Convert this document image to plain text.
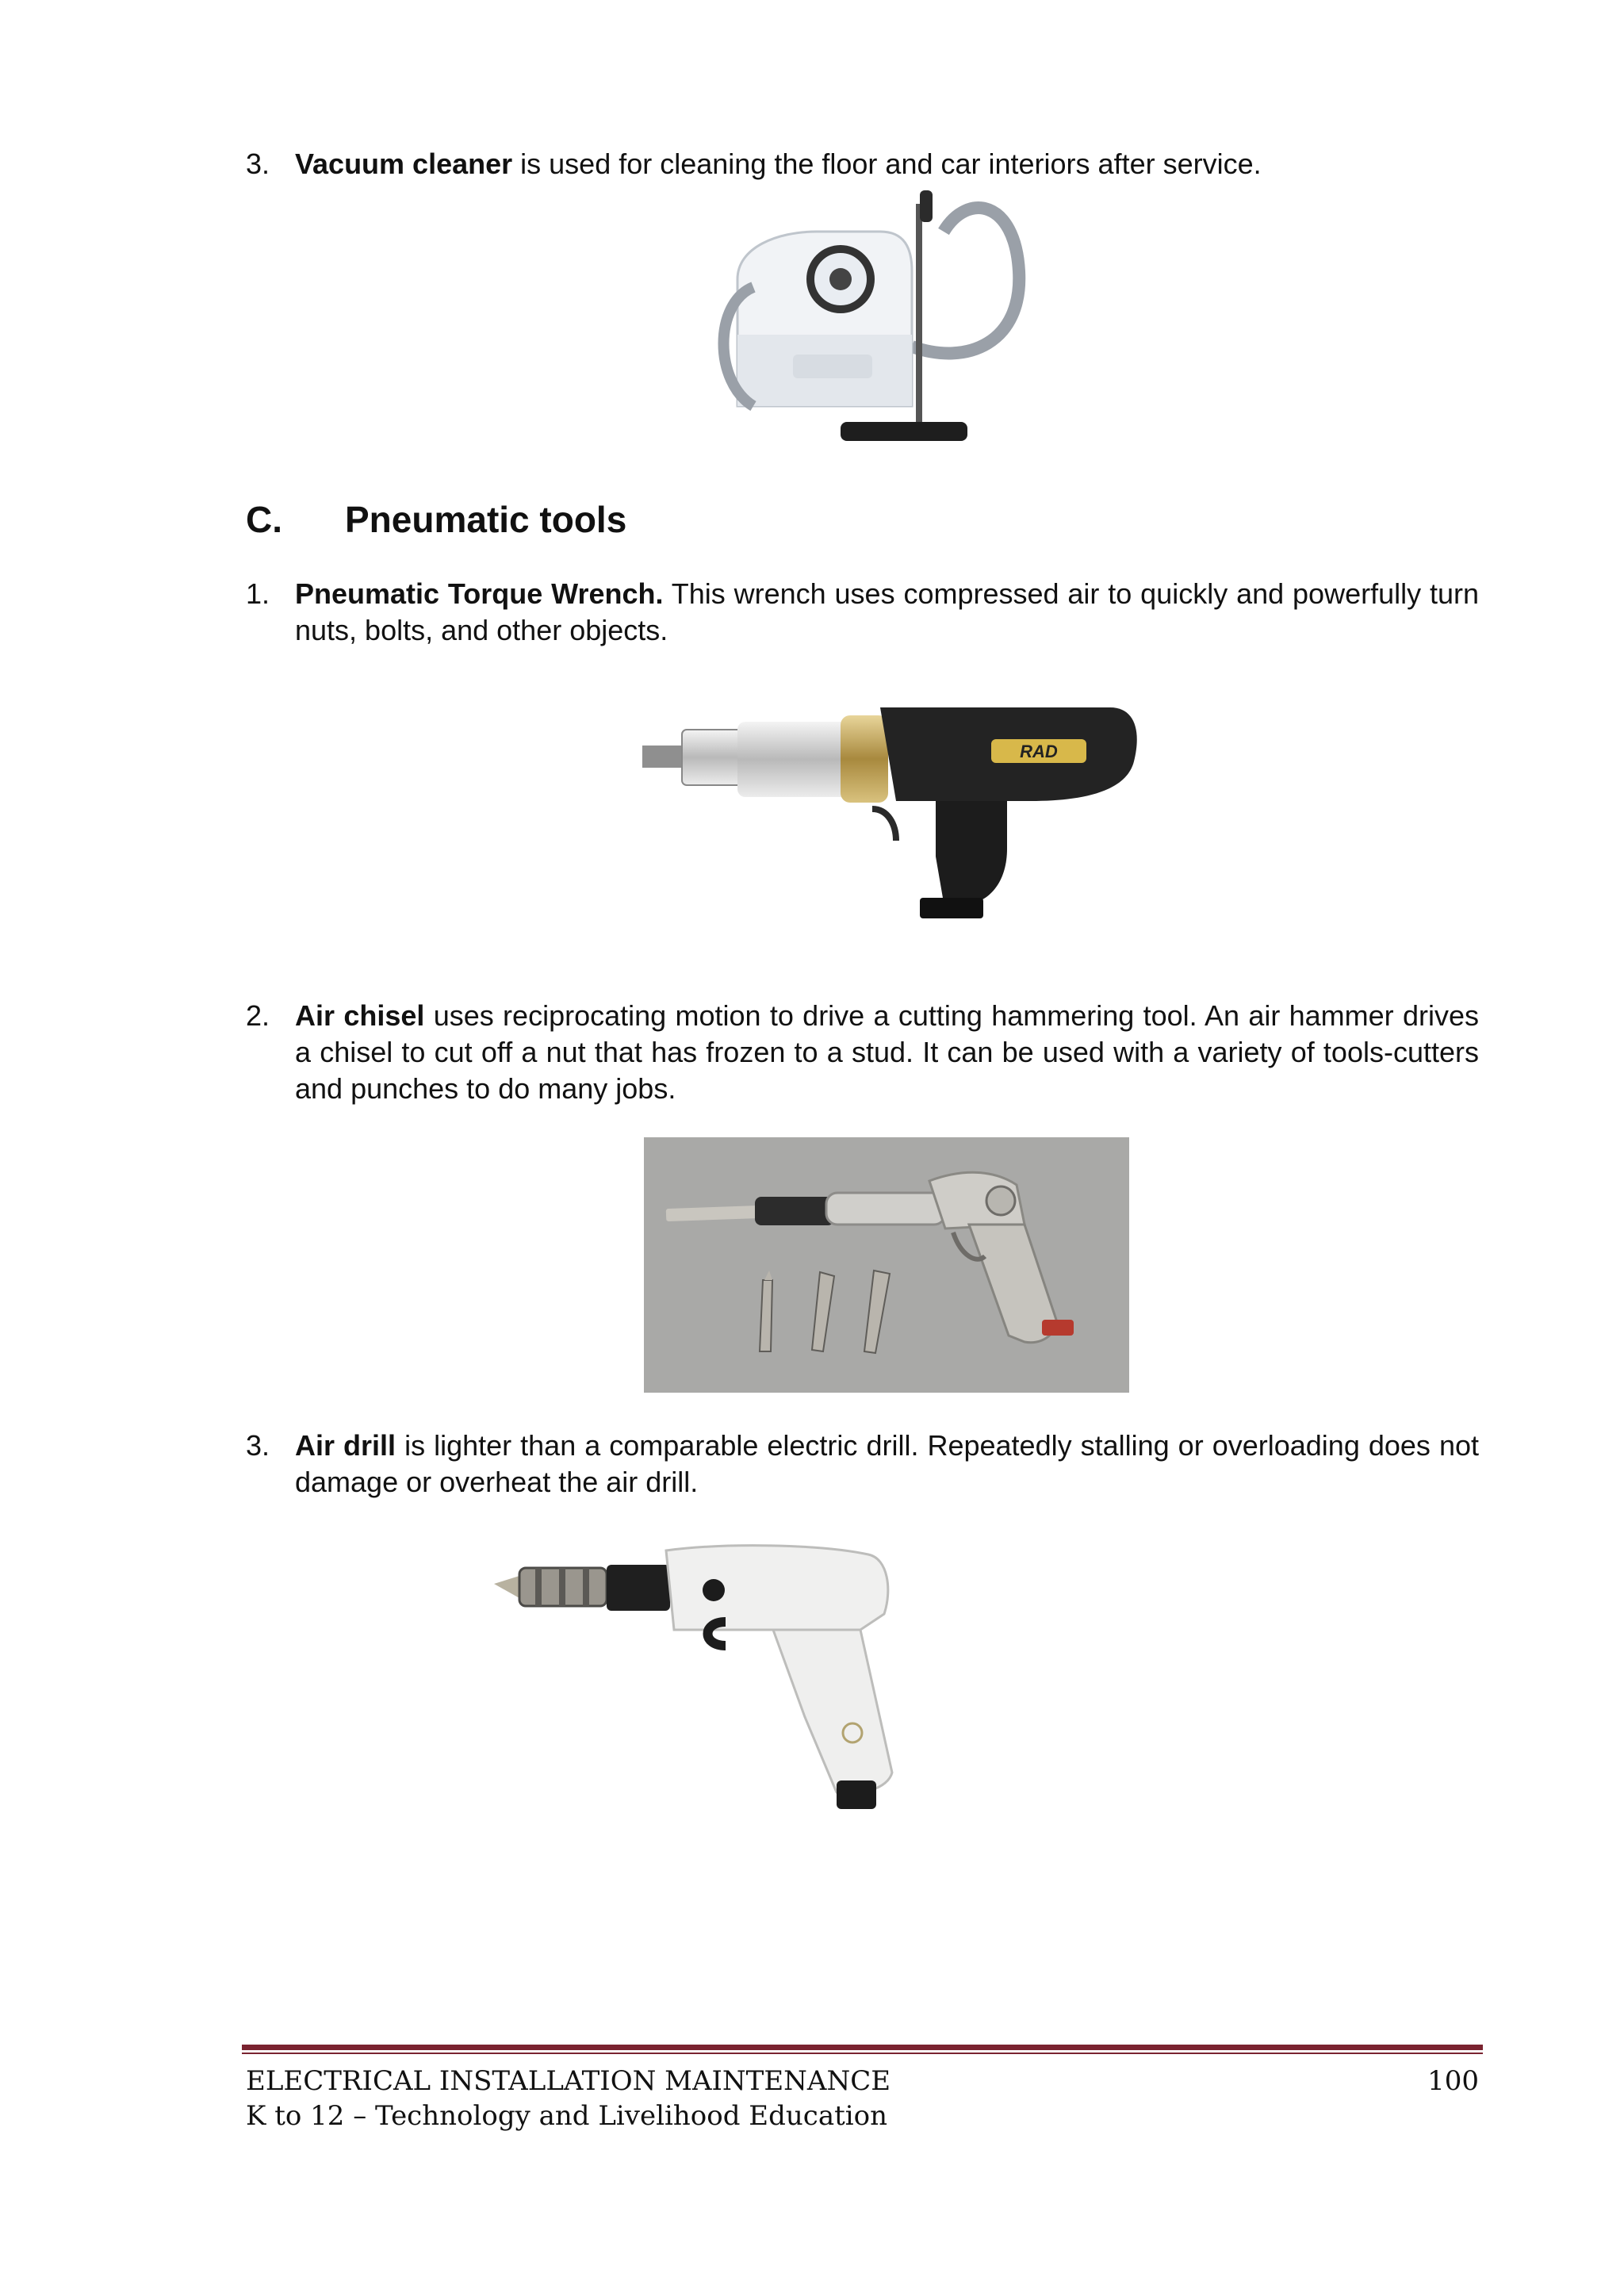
3. Vacuum cleaner is used for cleaning the floor and car interiors after service.
C. Pneumatic tools
1. Pneumatic Torque Wrench. This wrench uses compressed air to quickly and powerfully turn nuts, bolts, and other objects.
RAD
2. Air chisel uses reciprocating motion to drive a cutting hammering tool. An air hammer drives a chisel to cut off a nut that has frozen to a stud. It can be used with a variety of tools-cutters and punches to do many jobs.
3. Air drill is lighter than a comparable electric drill. Repeatedly stalling or overloading does not damage or overheat the air drill.
ELECTRICAL INSTALLATION MAINTENANCE	100
K to 12 – Technology and Livelihood Education
